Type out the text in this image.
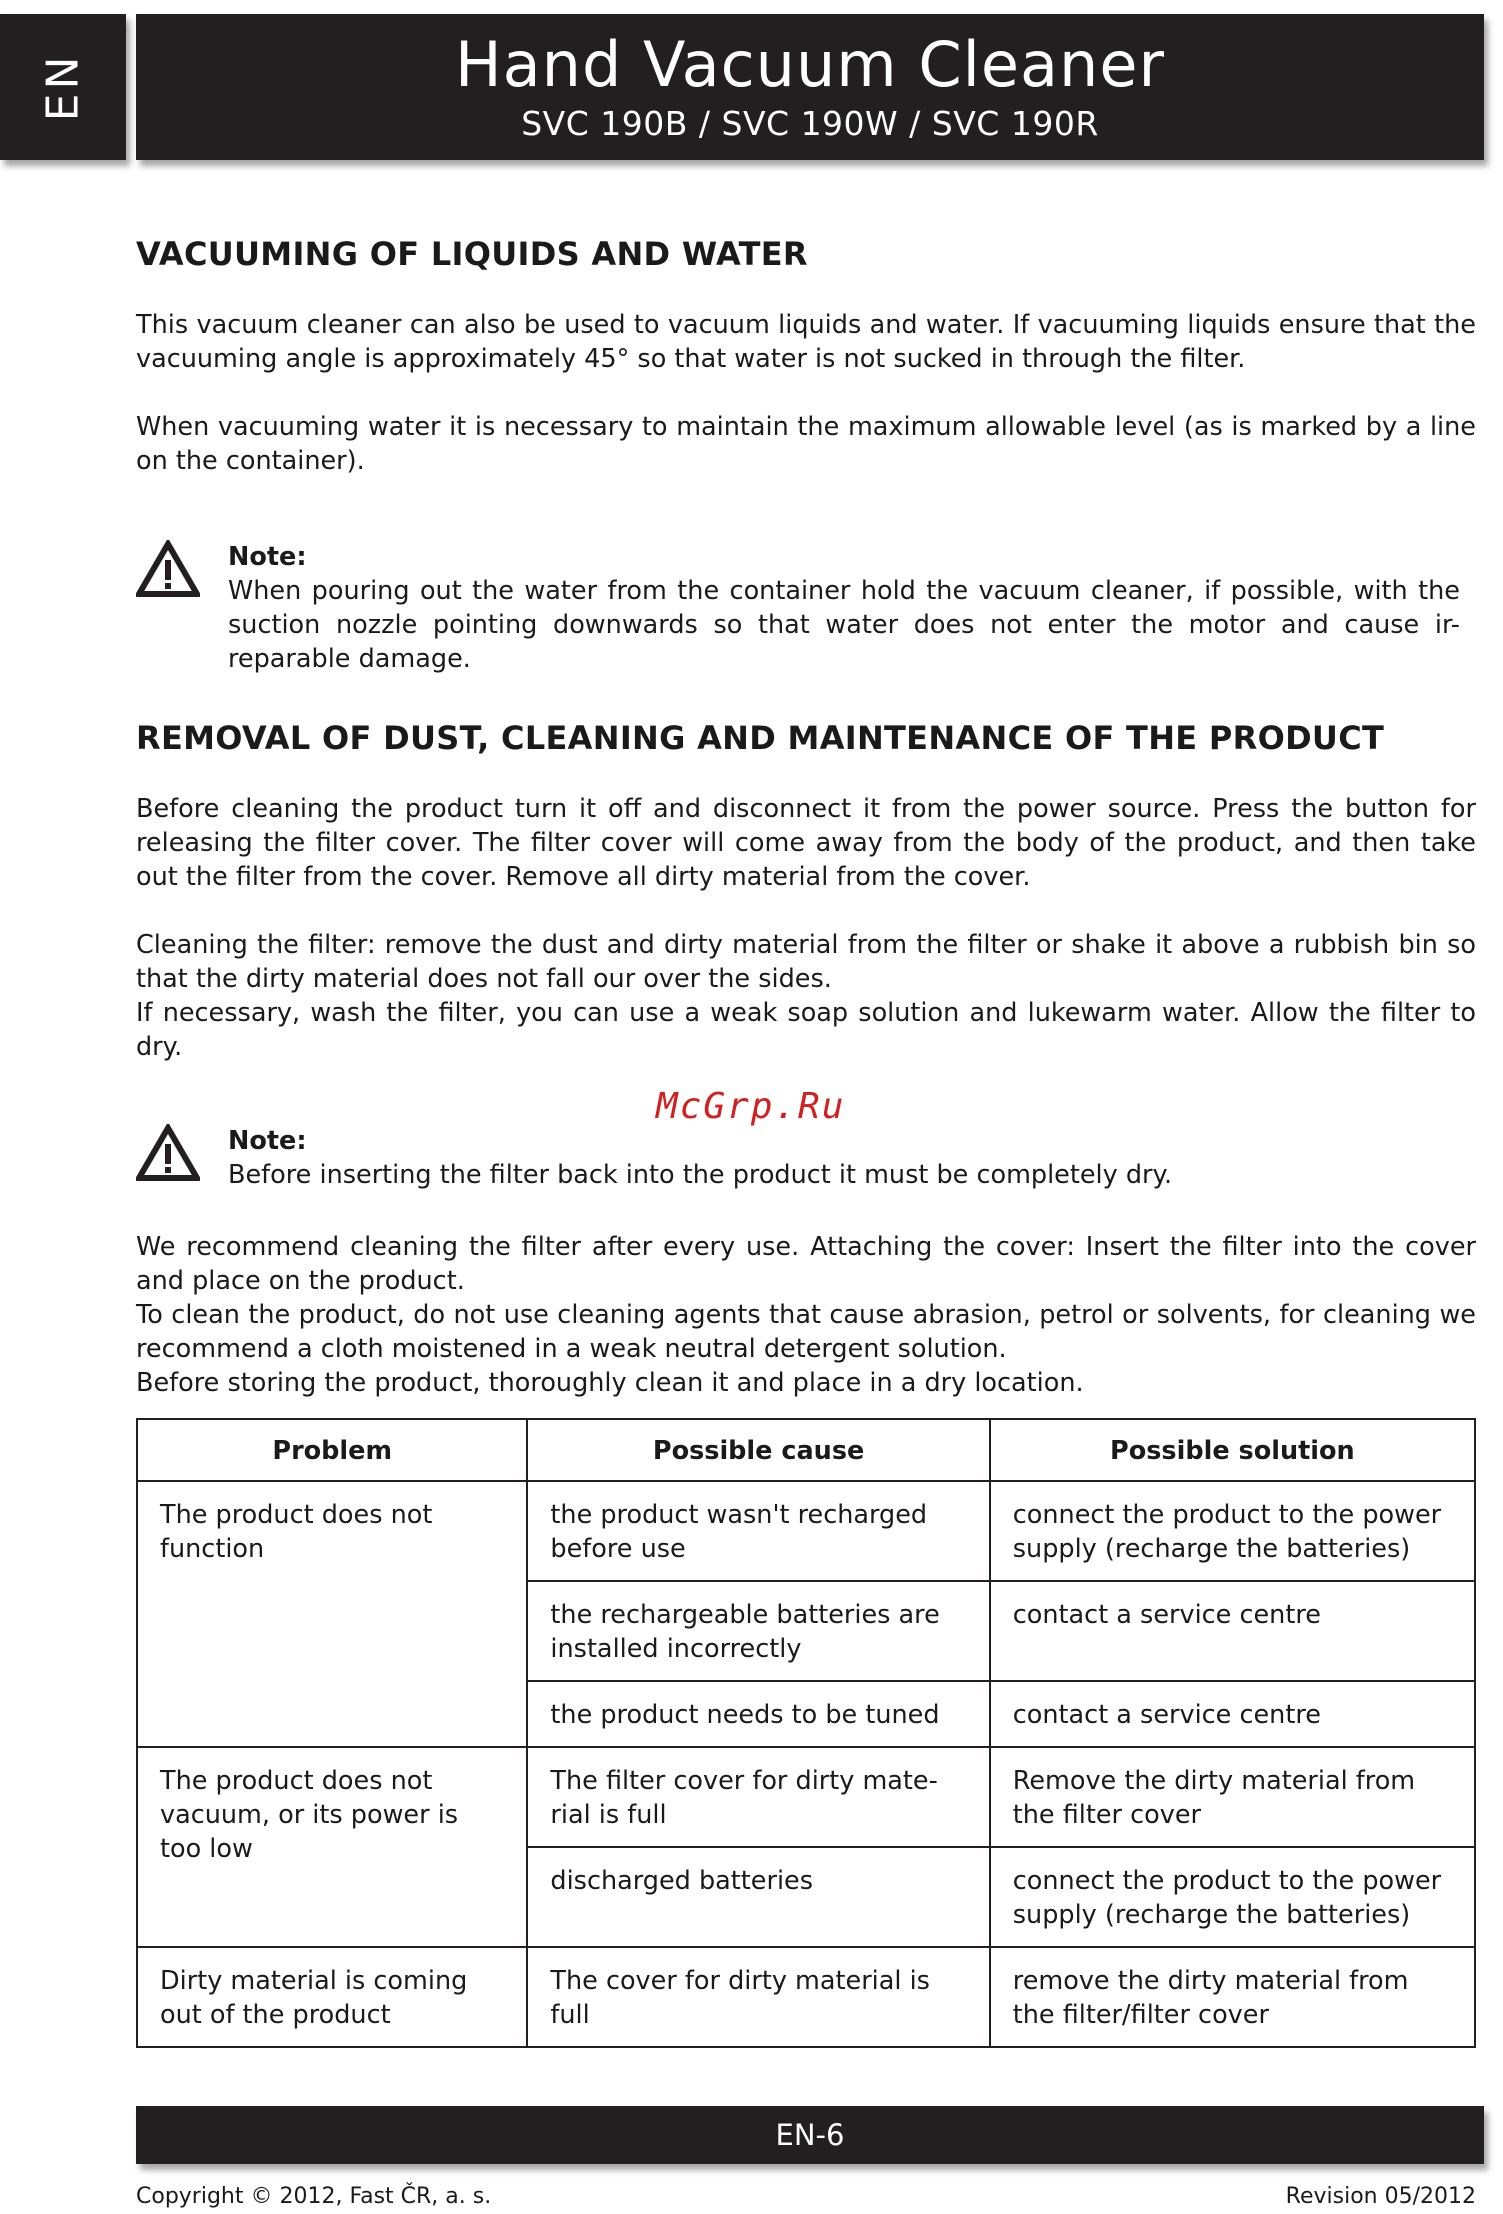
EN	Hand Vacuum Cleaner
SVC 190B / SVC 190W / SVC 190R
VACUUMING OF LIQUIDS AND WATER

This vacuum cleaner can also be used to vacuum liquids and water. If vacuuming liquids ensure that the vacuuming angle is approximately 45° so that water is not sucked in through the filter.

When vacuuming water it is necessary to maintain the maximum allowable level (as is marked by a line on the container).

Note:

When pouring out the water from the container hold the vacuum cleaner, if possible, with the suction nozzle pointing downwards so that water does not enter the motor and cause ir-reparable damage.

REMOVAL OF DUST, CLEANING AND MAINTENANCE OF THE PRODUCT

Before cleaning the product turn it off and disconnect it from the power source. Press the button for releasing the filter cover. The filter cover will come away from the body of the product, and then take out the filter from the cover. Remove all dirty material from the cover.

Cleaning the filter: remove the dust and dirty material from the filter or shake it above a rubbish bin so that the dirty material does not fall our over the sides.

If necessary, wash the filter, you can use a weak soap solution and lukewarm water. Allow the filter to dry.

Note:

Before inserting the filter back into the product it must be completely dry.

We recommend cleaning the filter after every use. Attaching the cover: Insert the filter into the cover and place on the product.

To clean the product, do not use cleaning agents that cause abrasion, petrol or solvents, for cleaning we recommend a cloth moistened in a weak neutral detergent solution.

Before storing the product, thoroughly clean it and place in a dry location.

McGrp.Ru
Problem	Possible cause	Possible solution
The product does not function	the product wasn't recharged before use	connect the product to the power supply (recharge the batteries)
	the rechargeable batteries are installed incorrectly	contact a service centre
	the product needs to be tuned	contact a service centre
The product does not vacuum, or its power is too low	The filter cover for dirty mate-rial is full	Remove the dirty material from the filter cover
	discharged batteries	connect the product to the power supply (recharge the batteries)
Dirty material is coming out of the product	The cover for dirty material is full	remove the dirty material from the filter/filter cover
EN-6
Copyright © 2012, Fast ČR, a. s.	Revision 05/2012
